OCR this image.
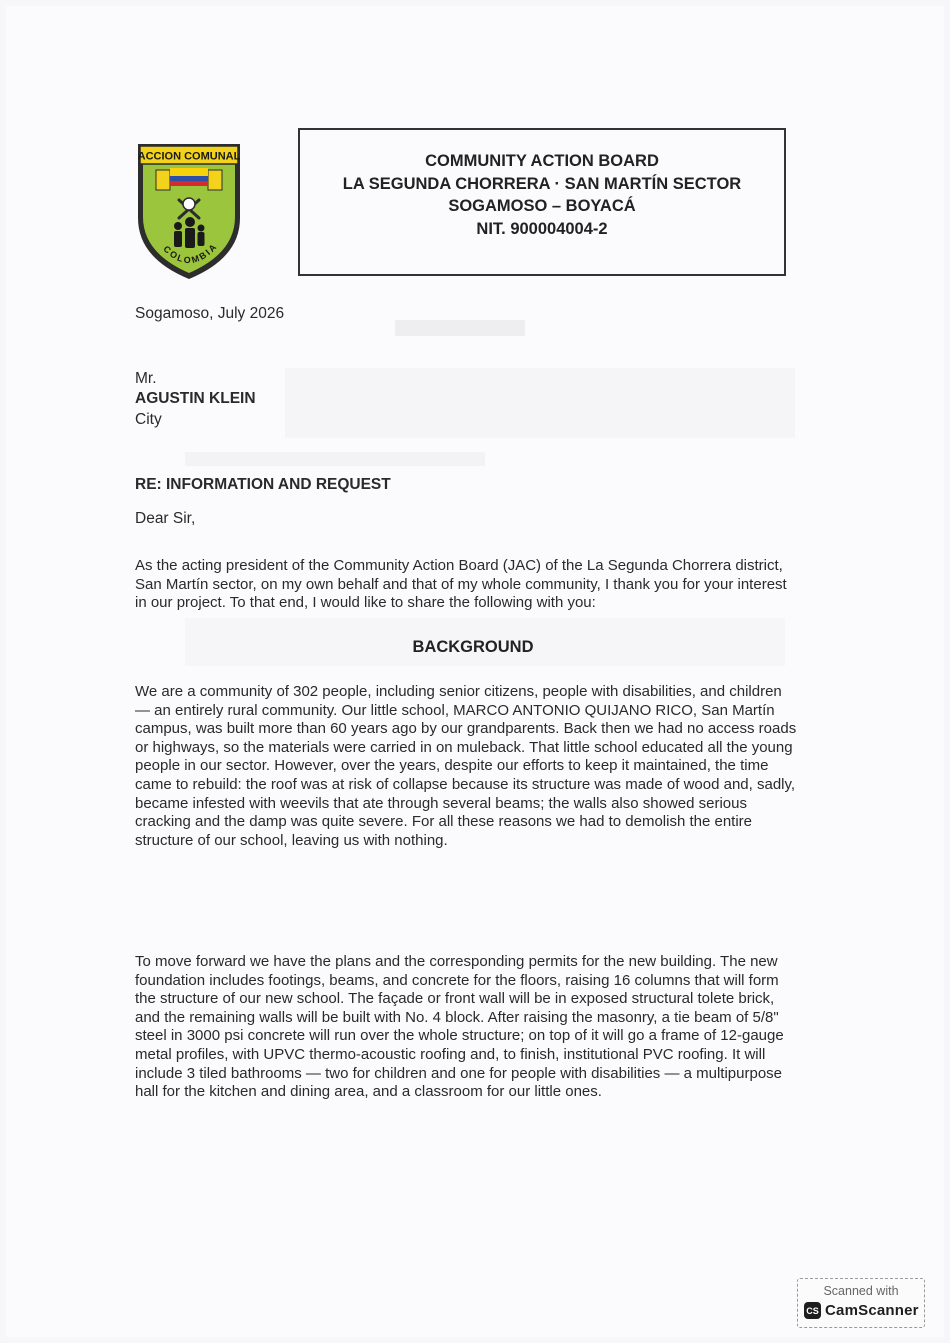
ACCION COMUNAL
COLOMBIA
COMMUNITY ACTION BOARD
LA SEGUNDA CHORRERA · SAN MARTÍN SECTOR
SOGAMOSO – BOYACÁ
NIT. 900004004-2
Sogamoso, July 2026
Mr.
AGUSTIN KLEIN
City
RE: INFORMATION AND REQUEST
Dear Sir,
As the acting president of the Community Action Board (JAC) of the La Segunda Chorrera district, San Martín sector, on my own behalf and that of my whole community, I thank you for your interest in our project. To that end, I would like to share the following with you:
BACKGROUND
We are a community of 302 people, including senior citizens, people with disabilities, and children — an entirely rural community. Our little school, MARCO ANTONIO QUIJANO RICO, San Martín campus, was built more than 60 years ago by our grandparents. Back then we had no access roads or highways, so the materials were carried in on muleback. That little school educated all the young people in our sector. However, over the years, despite our efforts to keep it maintained, the time came to rebuild: the roof was at risk of collapse because its structure was made of wood and, sadly, became infested with weevils that ate through several beams; the walls also showed serious cracking and the damp was quite severe. For all these reasons we had to demolish the entire structure of our school, leaving us with nothing.
To move forward we have the plans and the corresponding permits for the new building. The new foundation includes footings, beams, and concrete for the floors, raising 16 columns that will form the structure of our new school. The façade or front wall will be in exposed structural tolete brick, and the remaining walls will be built with No. 4 block. After raising the masonry, a tie beam of 5/8" steel in 3000 psi concrete will run over the whole structure; on top of it will go a frame of 12-gauge metal profiles, with UPVC thermo-acoustic roofing and, to finish, institutional PVC roofing. It will include 3 tiled bathrooms — two for children and one for people with disabilities — a multipurpose hall for the kitchen and dining area, and a classroom for our little ones.
Scanned with
CS CamScanner
